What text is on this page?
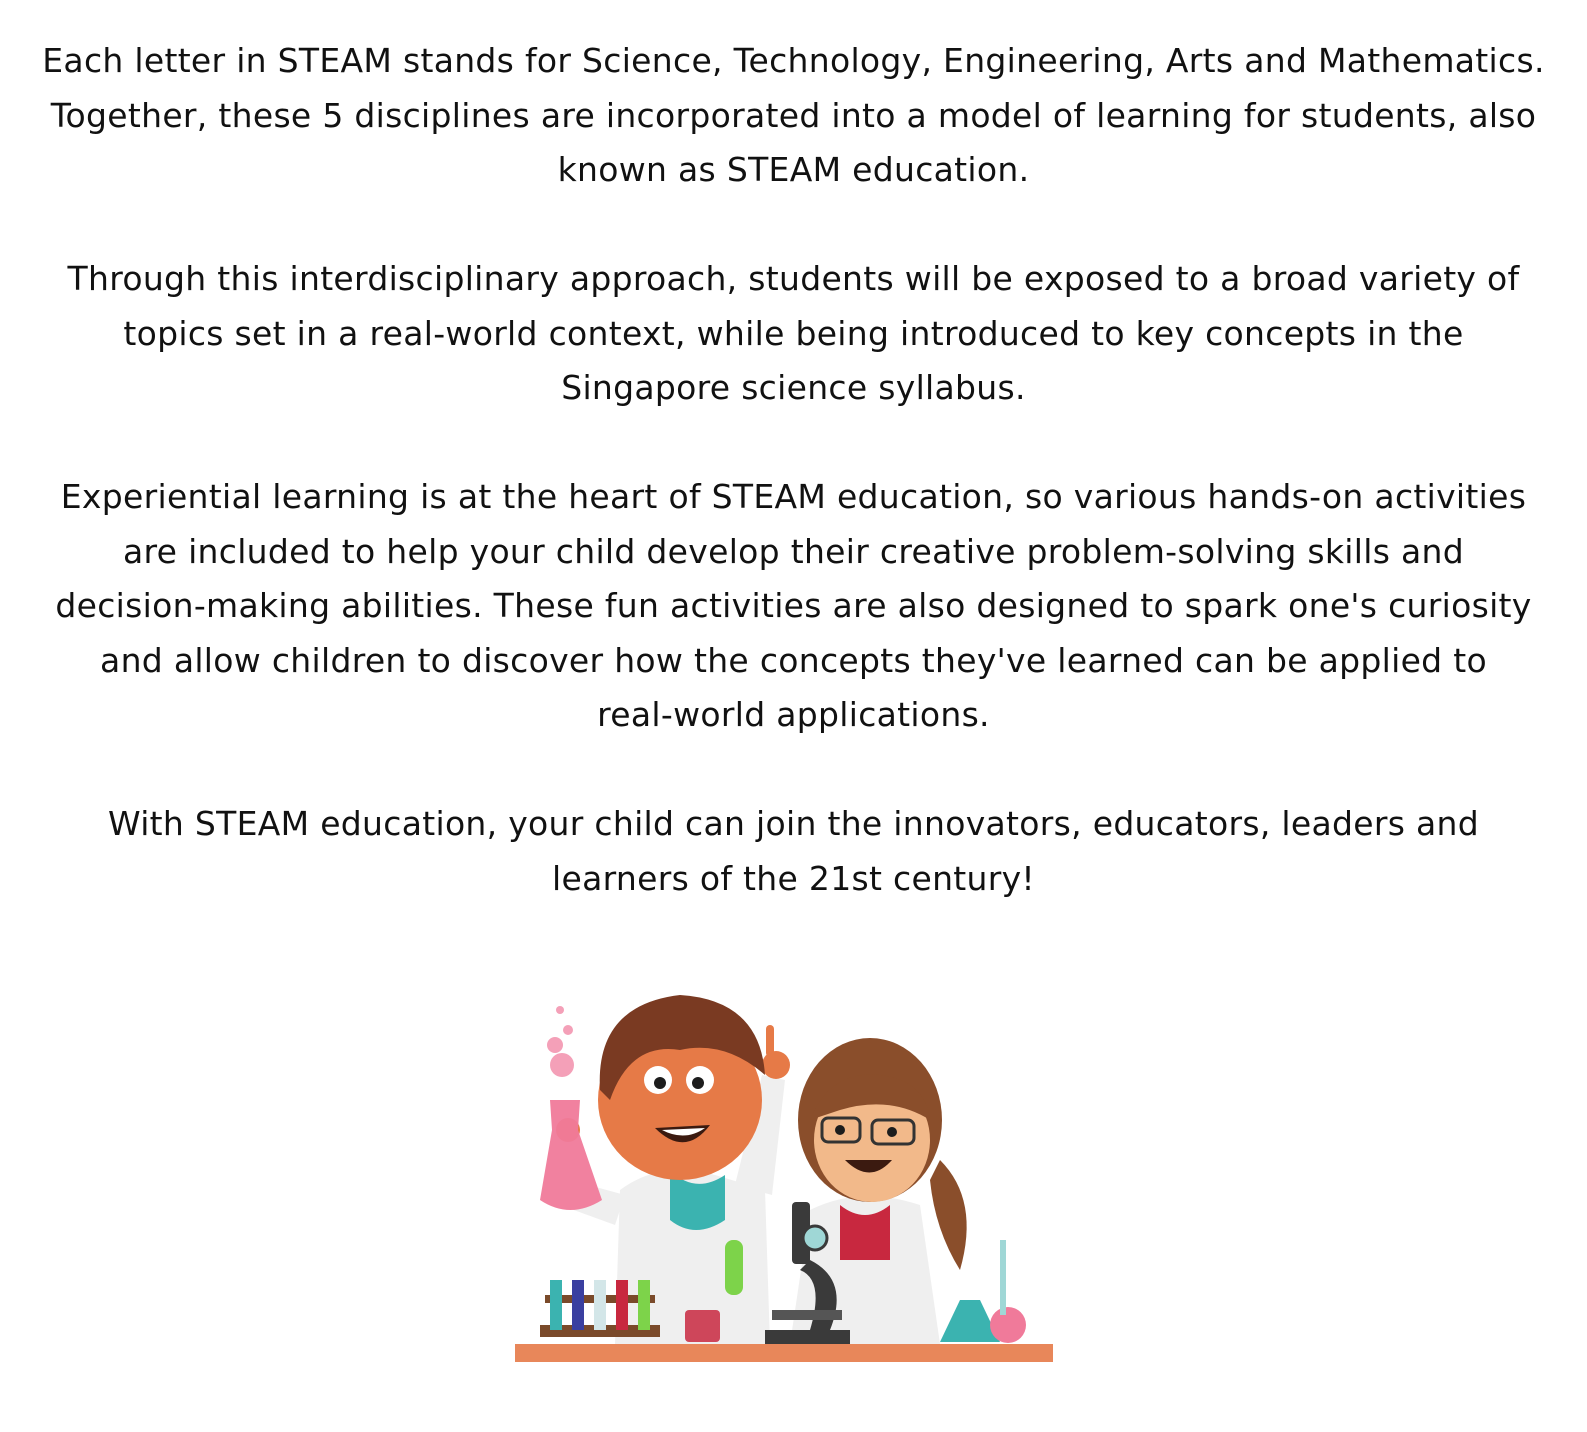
Each letter in STEAM stands for Science, Technology, Engineering, Arts and Mathematics.
Together, these 5 disciplines are incorporated into a model of learning for students, also
known as STEAM education.
Through this interdisciplinary approach, students will be exposed to a broad variety of
topics set in a real-world context, while being introduced to key concepts in the
Singapore science syllabus.
Experiential learning is at the heart of STEAM education, so various hands-on activities
are included to help your child develop their creative problem-solving skills and
decision-making abilities. These fun activities are also designed to spark one's curiosity
and allow children to discover how the concepts they've learned can be applied to
real-world applications.
With STEAM education, your child can join the innovators, educators, leaders and
learners of the 21st century!
